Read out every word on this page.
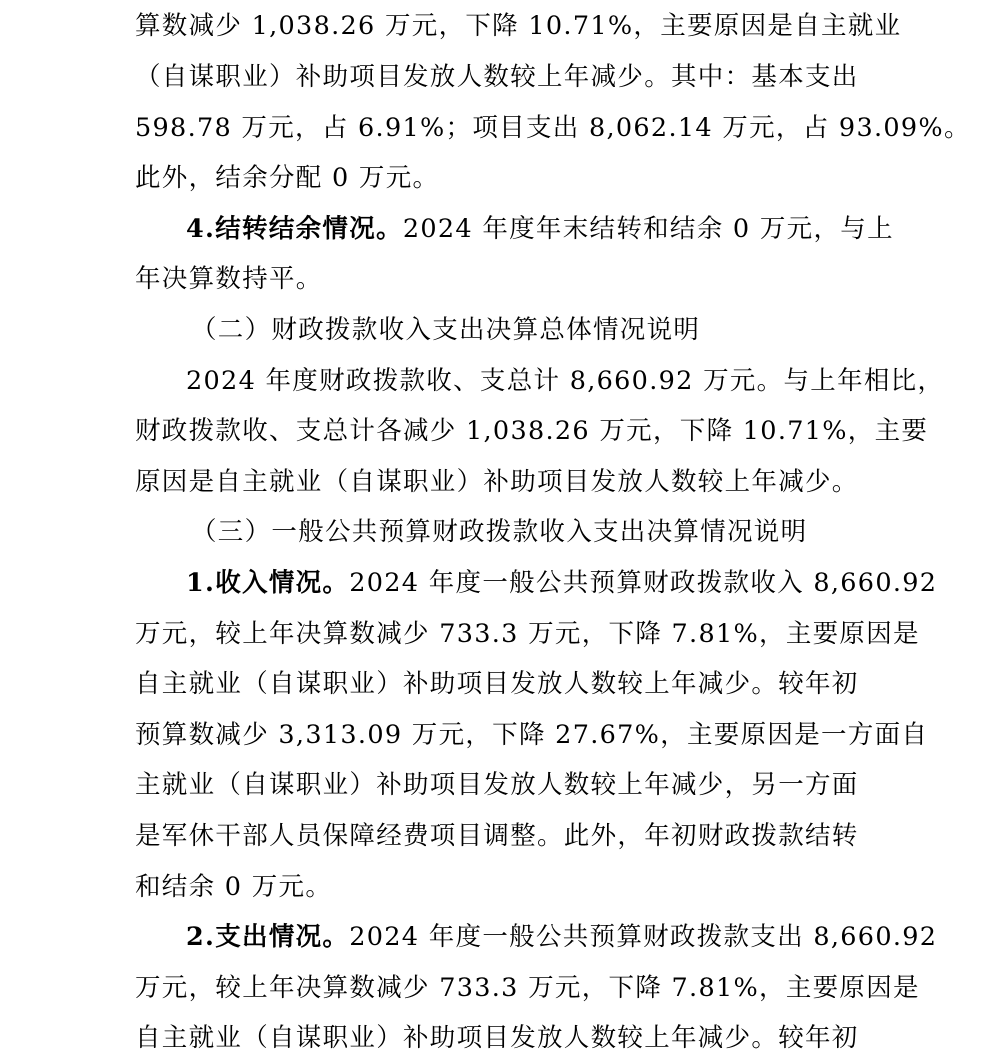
算数减少 1,038.26 万元，下降 10.71%，主要原因是自主就业
（自谋职业）补助项目发放人数较上年减少。其中：基本支出
598.78 万元，占 6.91%；项目支出 8,062.14 万元，占 93.09%。
此外，结余分配 0 万元。
4.结转结余情况。2024 年度年末结转和结余 0 万元，与上
年决算数持平。
（二）财政拨款收入支出决算总体情况说明
2024 年度财政拨款收、支总计 8,660.92 万元。与上年相比，
财政拨款收、支总计各减少 1,038.26 万元，下降 10.71%，主要
原因是自主就业（自谋职业）补助项目发放人数较上年减少。
（三）一般公共预算财政拨款收入支出决算情况说明
1.收入情况。2024 年度一般公共预算财政拨款收入 8,660.92
万元，较上年决算数减少 733.3 万元，下降 7.81%，主要原因是
自主就业（自谋职业）补助项目发放人数较上年减少。较年初
预算数减少 3,313.09 万元，下降 27.67%，主要原因是一方面自
主就业（自谋职业）补助项目发放人数较上年减少，另一方面
是军休干部人员保障经费项目调整。此外，年初财政拨款结转
和结余 0 万元。
2.支出情况。2024 年度一般公共预算财政拨款支出 8,660.92
万元，较上年决算数减少 733.3 万元，下降 7.81%，主要原因是
自主就业（自谋职业）补助项目发放人数较上年减少。较年初
